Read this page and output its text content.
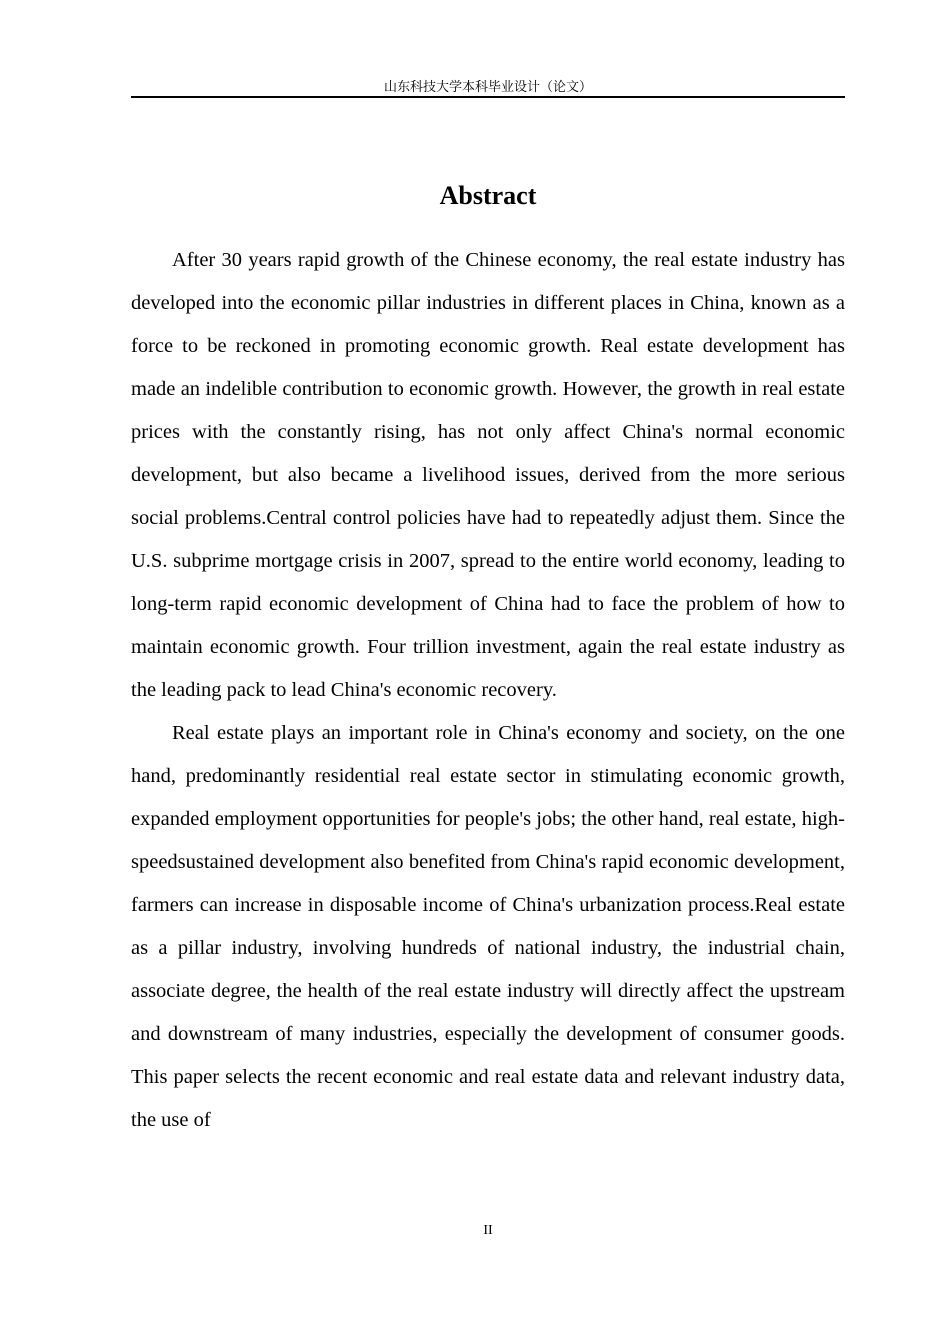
山东科技大学本科毕业设计（论文）
Abstract

After 30 years rapid growth of the Chinese economy, the real estate industry has developed into the economic pillar industries in different places in China, known as a force to be reckoned in promoting economic growth. Real estate development has made an indelible contribution to economic growth. However, the growth in real estate prices with the constantly rising, has not only affect China's normal economic development, but also became a livelihood issues, derived from the more serious social problems.Central control policies have had to repeatedly adjust them. Since the U.S. subprime mortgage crisis in 2007, spread to the entire world economy, leading to long-term rapid economic development of China had to face the problem of how to maintain economic growth. Four trillion investment, again the real estate industry as the leading pack to lead China's economic recovery.

Real estate plays an important role in China's economy and society, on the one hand, predominantly residential real estate sector in stimulating economic growth, expanded employment opportunities for people's jobs; the other hand, real estate, high-speedsustained development also benefited from China's rapid economic development, farmers can increase in disposable income of China's urbanization process.Real estate as a pillar industry, involving hundreds of national industry, the industrial chain, associate degree, the health of the real estate industry will directly affect the upstream and downstream of many industries, especially the development of consumer goods. This paper selects the recent economic and real estate data and relevant industry data, the use of

II
